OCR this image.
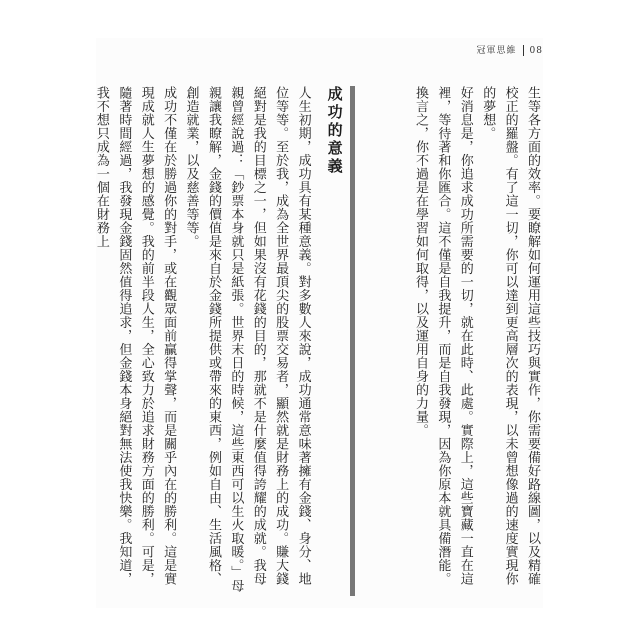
冠軍思維 08

生等各方面的效率。要瞭解如何運用這些技巧與實作，你需要備好路線圖，以及精確校正的羅盤。有了這一切，你可以達到更高層次的表現，以未曾想像過的速度實現你的夢想。

好消息是，你追求成功所需要的一切，就在此時、此處。實際上，這些寶藏一直在這裡，等待著和你匯合。這不僅是自我提升，而是自我發現，因為你原本就具備潛能。換言之，你不過是在學習如何取得，以及運用自身的力量。

成功的意義

人生初期，成功具有某種意義。對多數人來說，成功通常意味著擁有金錢、身分、地位等等。至於我，成為全世界最頂尖的股票交易者，顯然就是財務上的成功。賺大錢絕對是我的目標之一，但如果沒有花錢的目的，那就不是什麼值得誇耀的成就。我母親曾經說過：「鈔票本身就只是紙張。世界末日的時候，這些東西可以生火取暖。」母親讓我瞭解，金錢的價值是來自於金錢所提供或帶來的東西，例如自由、生活風格、創造就業，以及慈善等等。

成功不僅在於勝過你的對手，或在觀眾面前贏得掌聲，而是關乎內在的勝利。這是實現成就人生夢想的感覺。我的前半段人生，全心致力於追求財務方面的勝利。可是，隨著時間經過，我發現金錢固然值得追求，但金錢本身絕對無法使我快樂。我知道，我不想只成為一個在財務上
